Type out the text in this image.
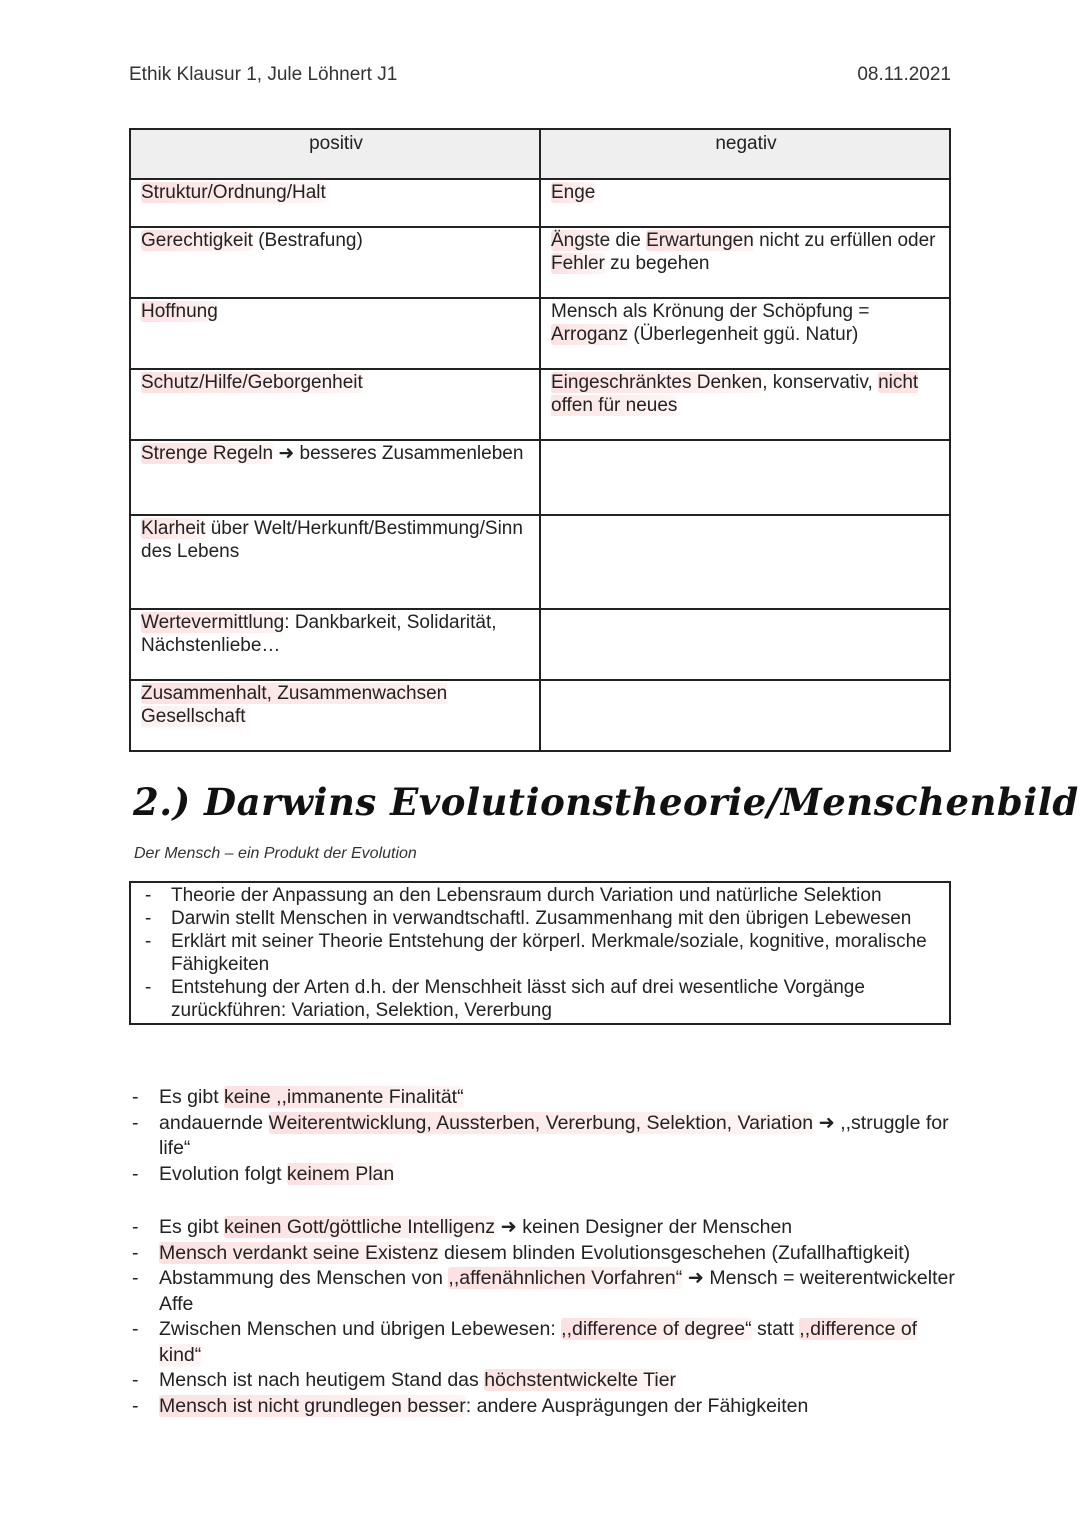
Ethik Klausur 1, Jule Löhnert J1	08.11.2021
positiv	negativ
Struktur/Ordnung/Halt	Enge
Gerechtigkeit (Bestrafung)	Ängste die Erwartungen nicht zu erfüllen oder Fehler zu begehen
Hoffnung	Mensch als Krönung der Schöpfung = Arroganz (Überlegenheit ggü. Natur)
Schutz/Hilfe/Geborgenheit	Eingeschränktes Denken, konservativ, nicht offen für neues
Strenge Regeln ➜ besseres Zusammenleben	
Klarheit über Welt/Herkunft/Bestimmung/Sinn des Lebens	
Wertevermittlung: Dankbarkeit, Solidarität, Nächstenliebe…	
Zusammenhalt, Zusammenwachsen Gesellschaft	
2.) Darwins Evolutionstheorie/Menschenbild
Der Mensch – ein Produkt der Evolution
- Theorie der Anpassung an den Lebensraum durch Variation und natürliche Selektion
- Darwin stellt Menschen in verwandtschaftl. Zusammenhang mit den übrigen Lebewesen
- Erklärt mit seiner Theorie Entstehung der körperl. Merkmale/soziale, kognitive, moralische Fähigkeiten
- Entstehung der Arten d.h. der Menschheit lässt sich auf drei wesentliche Vorgänge zurückführen: Variation, Selektion, Vererbung
- Es gibt keine ,,immanente Finalität“
- andauernde Weiterentwicklung, Aussterben, Vererbung, Selektion, Variation ➜ ,,struggle for life“
- Evolution folgt keinem Plan
- Es gibt keinen Gott/göttliche Intelligenz ➜ keinen Designer der Menschen
- Mensch verdankt seine Existenz diesem blinden Evolutionsgeschehen (Zufallhaftigkeit)
- Abstammung des Menschen von ,,affenähnlichen Vorfahren“ ➜ Mensch = weiterentwickelter Affe
- Zwischen Menschen und übrigen Lebewesen: ,,difference of degree“ statt ,,difference of kind“
- Mensch ist nach heutigem Stand das höchstentwickelte Tier
- Mensch ist nicht grundlegen besser: andere Ausprägungen der Fähigkeiten
